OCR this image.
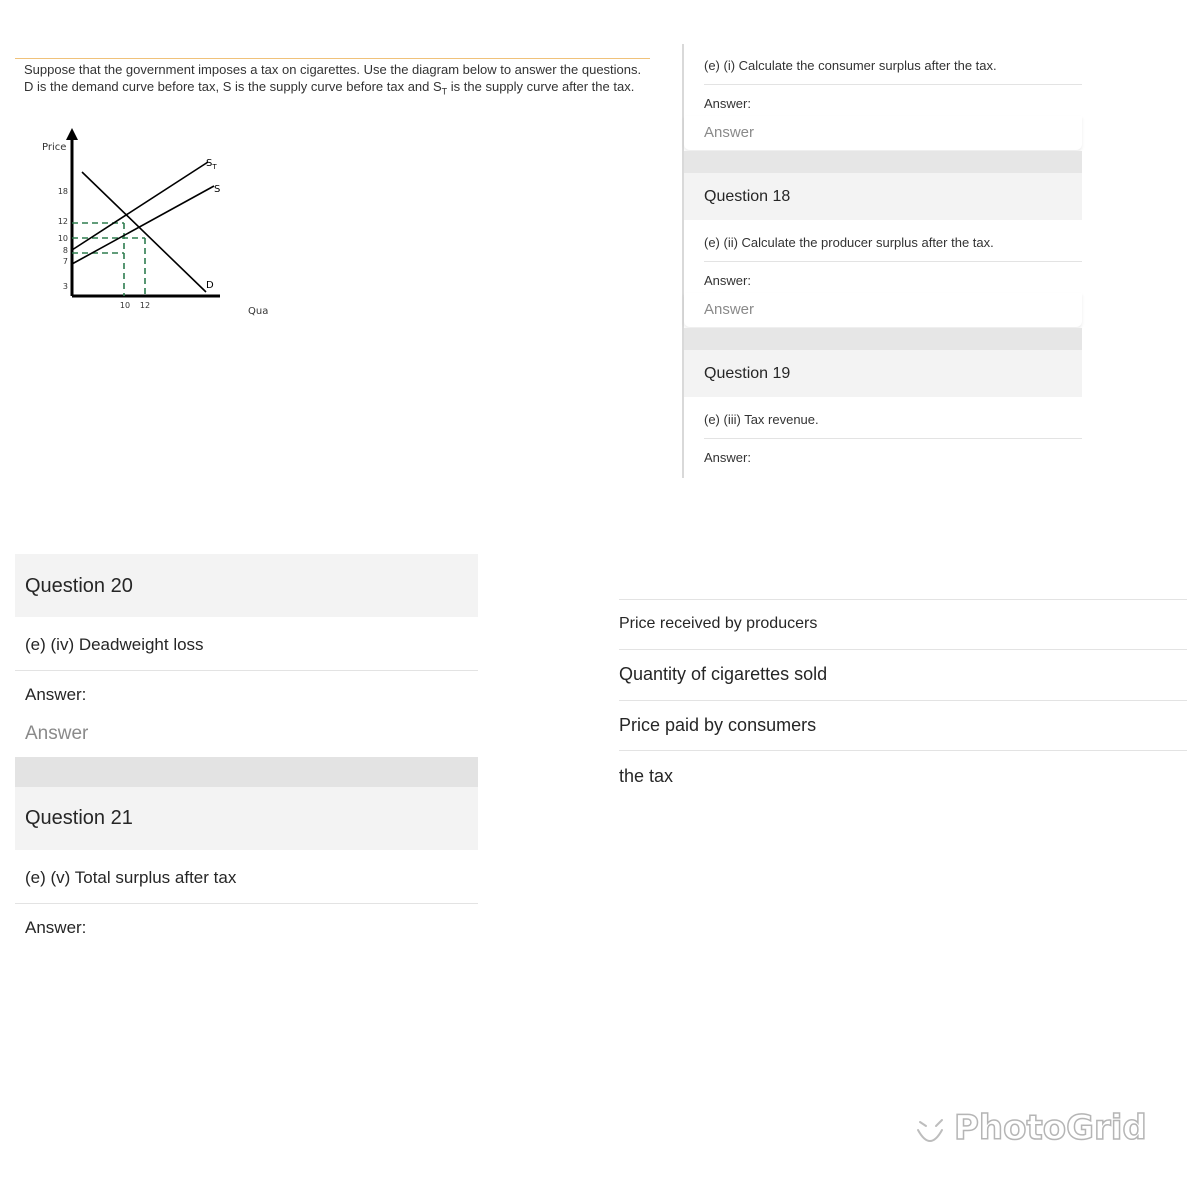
Suppose that the government imposes a tax on cigarettes. Use the diagram below to answer the questions. D is the demand curve before tax, S is the supply curve before tax and $S_T$ is the supply curve after the tax.
$S_T$
S
D
Price
Qua
18
12
10
8
7
3
10 12
(e) (i) Calculate the consumer surplus after the tax.
Answer:
Answer
Question 18
(e) (ii) Calculate the producer surplus after the tax.
Answer:
Answer
Question 19
(e) (iii) Tax revenue.
Answer:
Question 20
(e) (iv) Deadweight loss
Answer:
Answer
Question 21
(e) (v) Total surplus after tax
Answer:
Price received by producers
Quantity of cigarettes sold
Price paid by consumers
the tax
PhotoGrid
